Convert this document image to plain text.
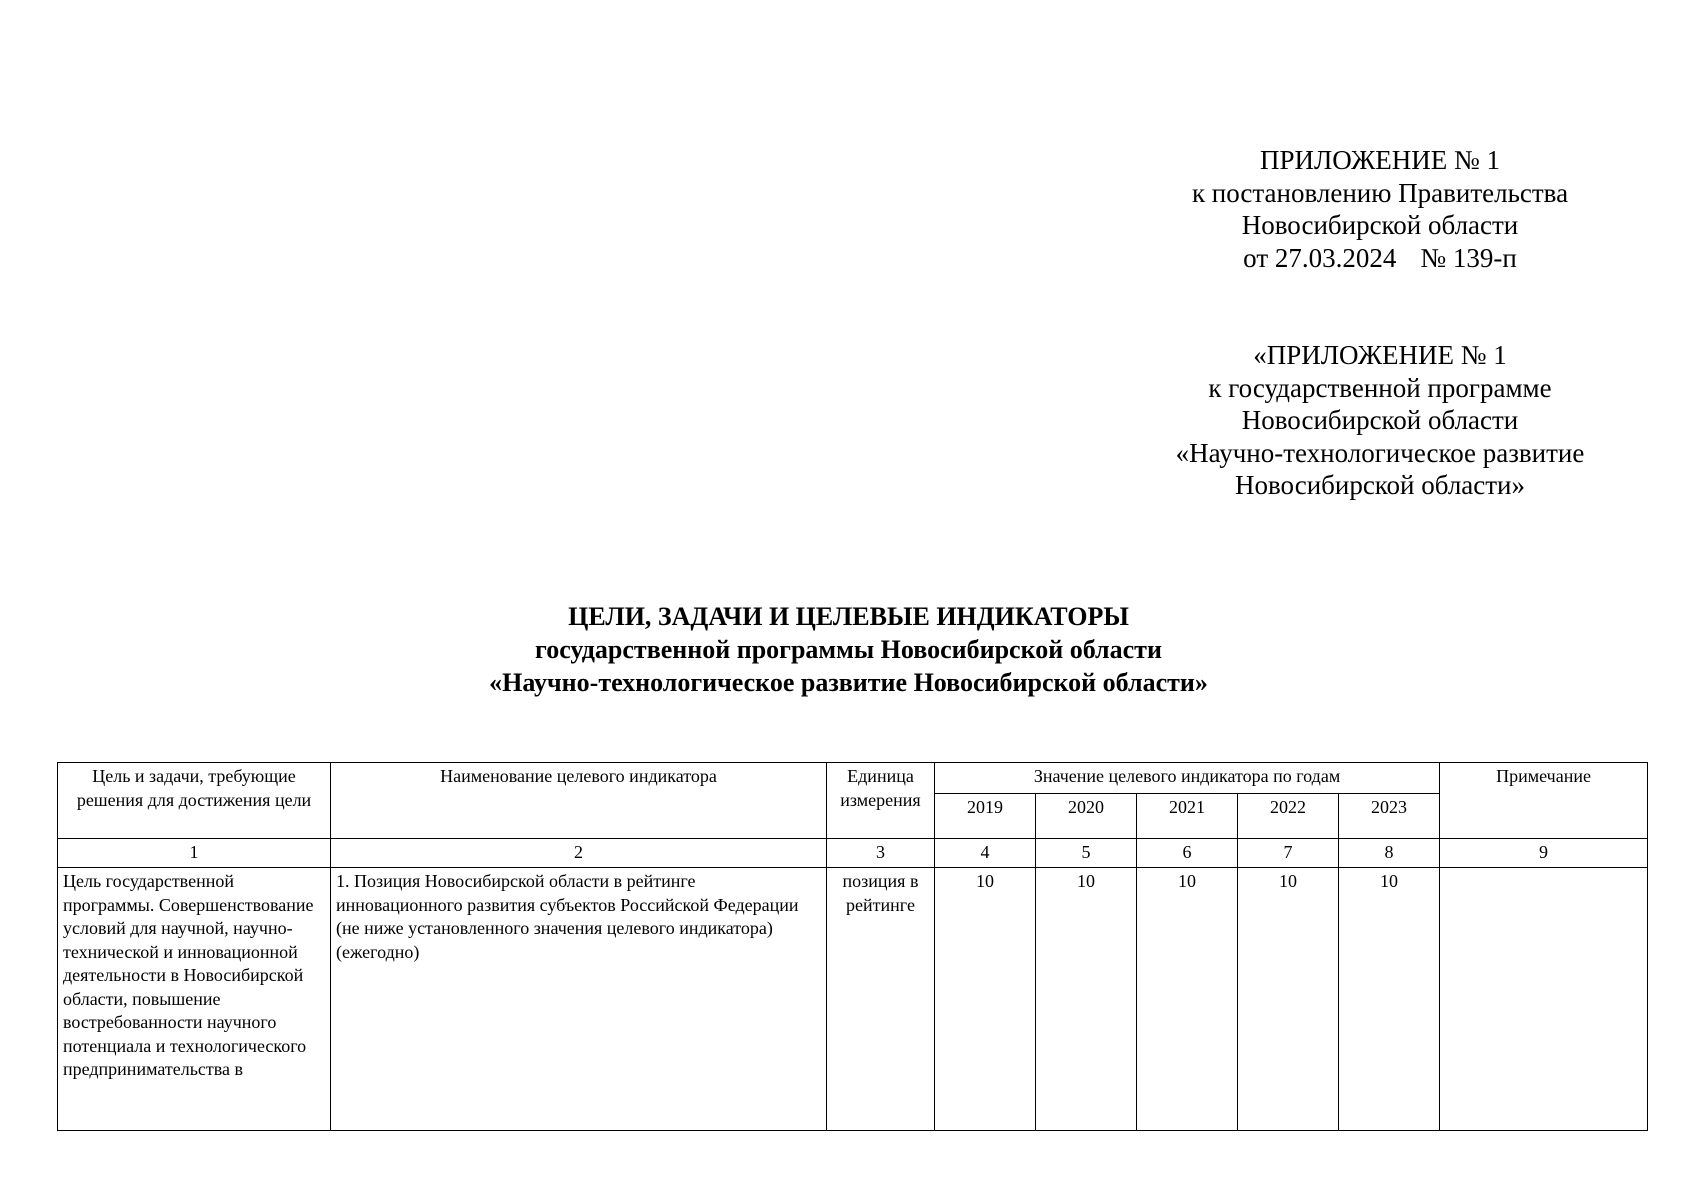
ПРИЛОЖЕНИЕ № 1
к постановлению Правительства
Новосибирской области
от 27.03.2024 № 139-п
«ПРИЛОЖЕНИЕ № 1
к государственной программе
Новосибирской области
«Научно-технологическое развитие
Новосибирской области»
ЦЕЛИ, ЗАДАЧИ И ЦЕЛЕВЫЕ ИНДИКАТОРЫ
государственной программы Новосибирской области
«Научно-технологическое развитие Новосибирской области»
Цель и задачи, требующие решения для достижения цели	Наименование целевого индикатора	Единица измерения	Значение целевого индикатора по годам					Примечание
			2019	2020	2021	2022	2023	
1	2	3	4	5	6	7	8	9
Цель государственной программы. Совершенствование условий для научной, научно-технической и инновационной деятельности в Новосибирской области, повышение востребованности научного потенциала и технологического предпринимательства в	1. Позиция Новосибирской области в рейтинге инновационного развития субъектов Российской Федерации (не ниже установленного значения целевого индикатора) (ежегодно)	позиция в рейтинге	10	10	10	10	10	
